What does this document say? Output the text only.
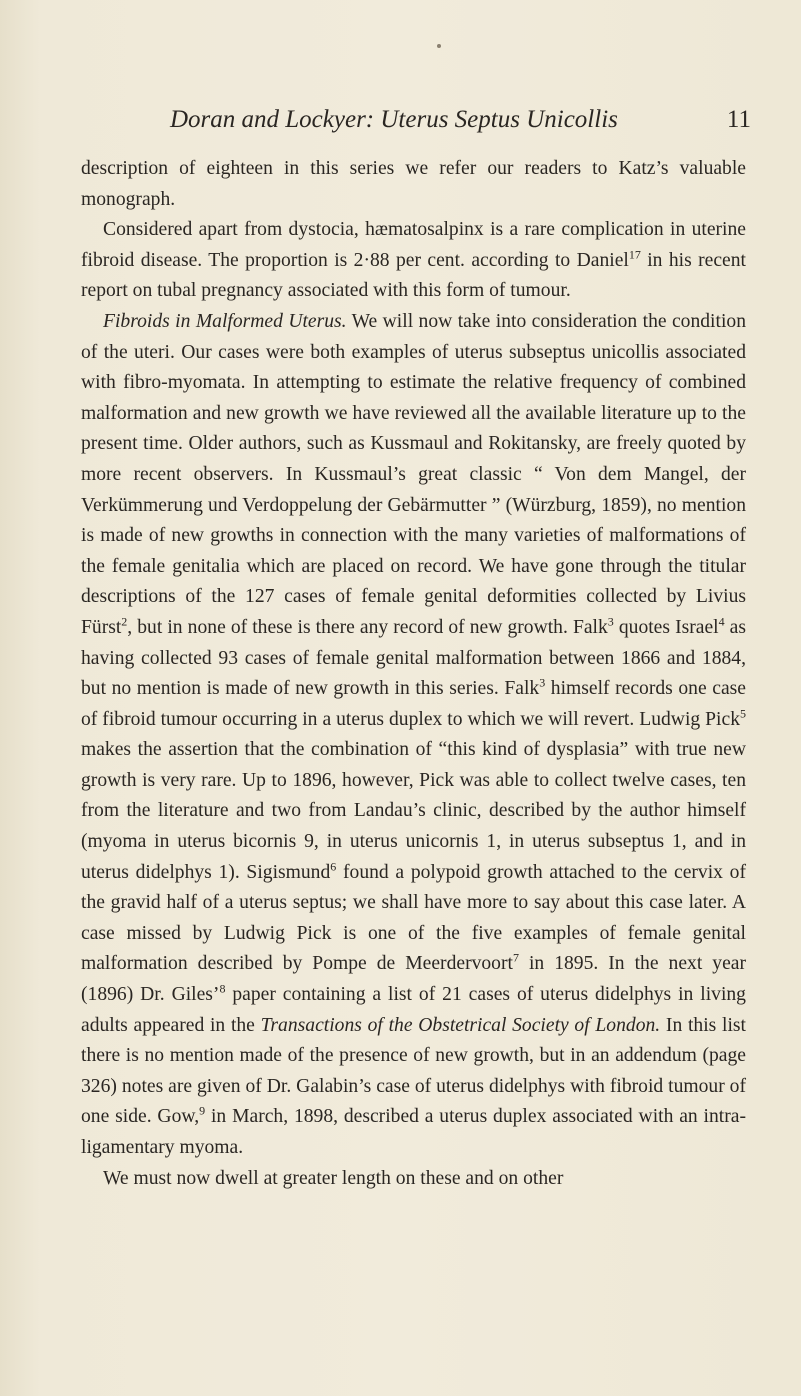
Doran and Lockyer: Uterus Septus Unicollis	11

description of eighteen in this series we refer our readers to Katz’s valuable monograph.

Considered apart from dystocia, hæmatosalpinx is a rare complication in uterine fibroid disease. The proportion is 2·88 per cent. according to Daniel$^{17}$ in his recent report on tubal pregnancy associated with this form of tumour.

Fibroids in Malformed Uterus. We will now take into consideration the condition of the uteri. Our cases were both examples of uterus subseptus unicollis associated with fibro-myomata. In attempting to estimate the relative frequency of combined malformation and new growth we have reviewed all the available literature up to the present time. Older authors, such as Kussmaul and Rokitansky, are freely quoted by more recent observers. In Kussmaul’s great classic “ Von dem Mangel, der Verkümmerung und Verdoppelung der Gebärmutter ” (Würzburg, 1859), no mention is made of new growths in connection with the many varieties of malformations of the female genitalia which are placed on record. We have gone through the titular descriptions of the 127 cases of female genital deformities collected by Livius Fürst$^2$, but in none of these is there any record of new growth. Falk$^3$ quotes Israel$^4$ as having collected 93 cases of female genital malformation between 1866 and 1884, but no mention is made of new growth in this series. Falk$^3$ himself records one case of fibroid tumour occurring in a uterus duplex to which we will revert. Ludwig Pick$^5$ makes the assertion that the combination of “this kind of dysplasia” with true new growth is very rare. Up to 1896, however, Pick was able to collect twelve cases, ten from the literature and two from Landau’s clinic, described by the author himself (myoma in uterus bicornis 9, in uterus unicornis 1, in uterus subseptus 1, and in uterus didelphys 1). Sigismund$^6$ found a polypoid growth attached to the cervix of the gravid half of a uterus septus; we shall have more to say about this case later. A case missed by Ludwig Pick is one of the five examples of female genital malformation described by Pompe de Meerdervoort$^7$ in 1895. In the next year (1896) Dr. Giles’$^8$ paper containing a list of 21 cases of uterus didelphys in living adults appeared in the Transactions of the Obstetrical Society of London. In this list there is no mention made of the presence of new growth, but in an addendum (page 326) notes are given of Dr. Galabin’s case of uterus didelphys with fibroid tumour of one side. Gow,$^9$ in March, 1898, described a uterus duplex associated with an intra-ligamentary myoma.

We must now dwell at greater length on these and on other
